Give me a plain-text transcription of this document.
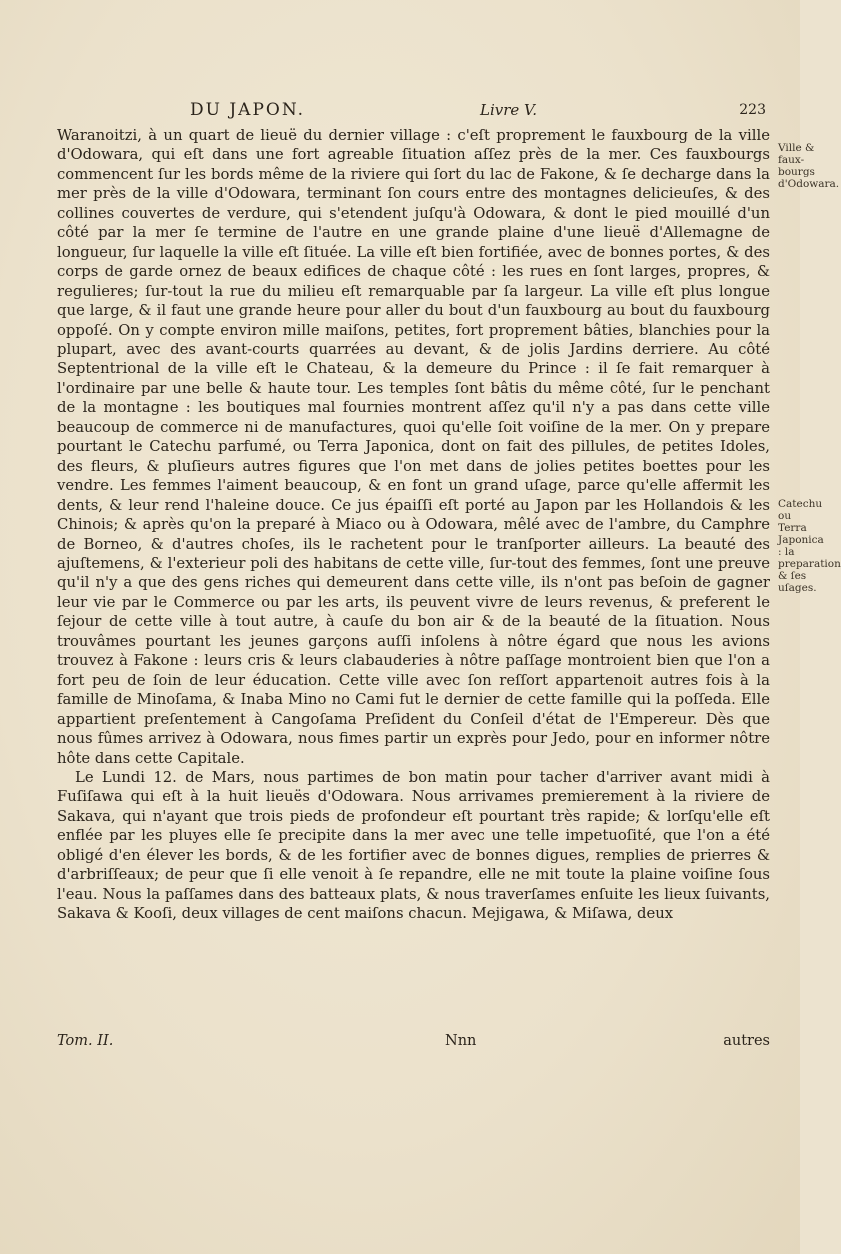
DU JAPON.	Livre V.	223

Waranoitzi, à un quart de lieuë du dernier village : c'eſt proprement le fauxbourg de la ville d'Odowara, qui eſt dans une fort agreable ſituation aſſez près de la mer. Ces fauxbourgs commencent ſur les bords même de la riviere qui ſort du lac de Fakone, & ſe decharge dans la mer près de la ville d'Odowara, terminant ſon cours entre des montagnes delicieuſes, & des collines couvertes de verdure, qui s'etendent juſqu'à Odowara, & dont le pied mouillé d'un côté par la mer ſe termine de l'autre en une grande plaine d'une lieuë d'Allemagne de longueur, ſur laquelle la ville eſt ſituée. La ville eſt bien fortifiée, avec de bonnes portes, & des corps de garde ornez de beaux edifices de chaque côté : les rues en ſont larges, propres, & regulieres; ſur-tout la rue du milieu eſt remarquable par ſa largeur. La ville eſt plus longue que large, & il faut une grande heure pour aller du bout d'un fauxbourg au bout du fauxbourg oppoſé. On y compte environ mille maiſons, petites, fort proprement bâties, blanchies pour la plupart, avec des avant-courts quarrées au devant, & de jolis Jardins derriere. Au côté Septentrional de la ville eſt le Chateau, & la demeure du Prince : il ſe fait remarquer à l'ordinaire par une belle & haute tour. Les temples ſont bâtis du même côté, ſur le penchant de la montagne : les boutiques mal fournies montrent aſſez qu'il n'y a pas dans cette ville beaucoup de commerce ni de manufactures, quoi qu'elle ſoit voiſine de la mer. On y prepare pourtant le Catechu parfumé, ou Terra Japonica, dont on fait des pillules, de petites Idoles, des fleurs, & pluſieurs autres figures que l'on met dans de jolies petites boettes pour les vendre. Les femmes l'aiment beaucoup, & en font un grand uſage, parce qu'elle affermit les dents, & leur rend l'haleine douce. Ce jus épaiſſi eſt porté au Japon par les Hollandois & les Chinois; & après qu'on la preparé à Miaco ou à Odowara, mêlé avec de l'ambre, du Camphre de Borneo, & d'autres choſes, ils le rachetent pour le tranſporter ailleurs. La beauté des ajuſtemens, & l'exterieur poli des habitans de cette ville, ſur-tout des femmes, ſont une preuve qu'il n'y a que des gens riches qui demeurent dans cette ville, ils n'ont pas beſoin de gagner leur vie par le Commerce ou par les arts, ils peuvent vivre de leurs revenus, & preferent le ſejour de cette ville à tout autre, à cauſe du bon air & de la beauté de la ſituation. Nous trouvâmes pourtant les jeunes garçons auſſi inſolens à nôtre égard que nous les avions trouvez à Fakone : leurs cris & leurs clabauderies à nôtre paſſage montroient bien que l'on a fort peu de ſoin de leur éducation. Cette ville avec ſon reſſort appartenoit autres fois à la famille de Minoſama, & Inaba Mino no Cami fut le dernier de cette famille qui la poſſeda. Elle appartient preſentement à Cangoſama Preſident du Conſeil d'état de l'Empereur. Dès que nous fûmes arrivez à Odowara, nous fimes partir un exprès pour Jedo, pour en informer nôtre hôte dans cette Capitale.

Le Lundi 12. de Mars, nous partimes de bon matin pour tacher d'arriver avant midi à Fuſiſawa qui eſt à la huit lieuës d'Odowara. Nous arrivames premierement à la riviere de Sakava, qui n'ayant que trois pieds de profondeur eſt pourtant très rapide; & lorſqu'elle eſt enflée par les pluyes elle ſe precipite dans la mer avec une telle impetuoſité, que l'on a été obligé d'en élever les bords, & de les fortifier avec de bonnes digues, remplies de prierres & d'arbriſſeaux; de peur que ſi elle venoit à ſe repandre, elle ne mit toute la plaine voiſine ſous l'eau. Nous la paſſames dans des batteaux plats, & nous traverſames enſuite les lieux ſuivants, Sakava & Kooſi, deux villages de cent maiſons chacun. Mejigawa, & Miſawa, deux

Ville & faux-bourgs d'Odowara.
Catechu ou Terra Japonica : la preparation & ſes uſages.
Tom. II.	Nnn	autres
